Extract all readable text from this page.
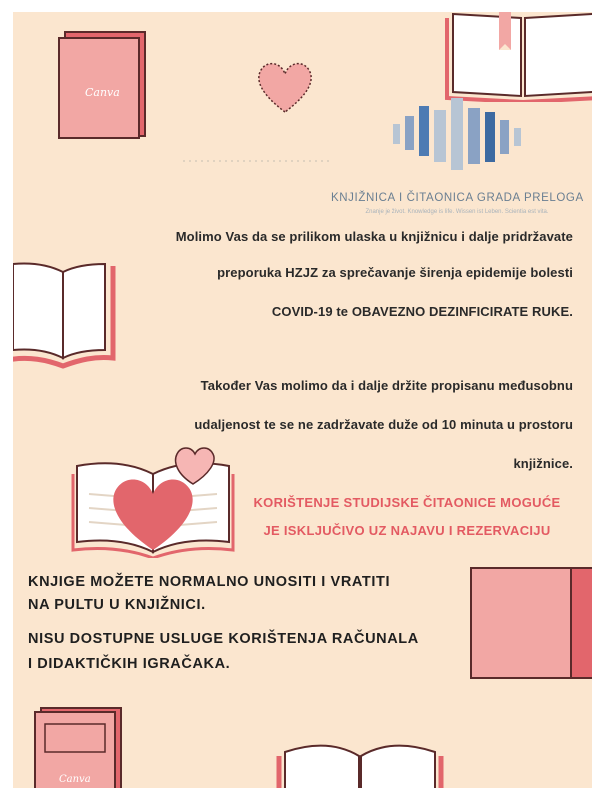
Canva
KNJIŽNICA I ČITAONICA GRADA PRELOGA
Znanje je život. Knowledge is life. Wissen ist Leben. Scientia est vita.
Canva
Molimo Vas da se prilikom ulaska u knjižnicu i dalje pridržavate
preporuka HZJZ za sprečavanje širenja epidemije bolesti
COVID-19 te OBAVEZNO DEZINFICIRATE RUKE.
Također Vas molimo da i dalje držite propisanu međusobnu
udaljenost te se ne zadržavate duže od 10 minuta u prostoru
knjižnice.
KORIŠTENJE STUDIJSKE ČITAONICE MOGUĆE
JE ISKLJUČIVO UZ NAJAVU I REZERVACIJU
KNJIGE MOŽETE NORMALNO UNOSITI I VRATITI
NA PULTU U KNJIŽNICI.
NISU DOSTUPNE USLUGE KORIŠTENJA RAČUNALA
I DIDAKTIČKIH IGRAČAKA.
